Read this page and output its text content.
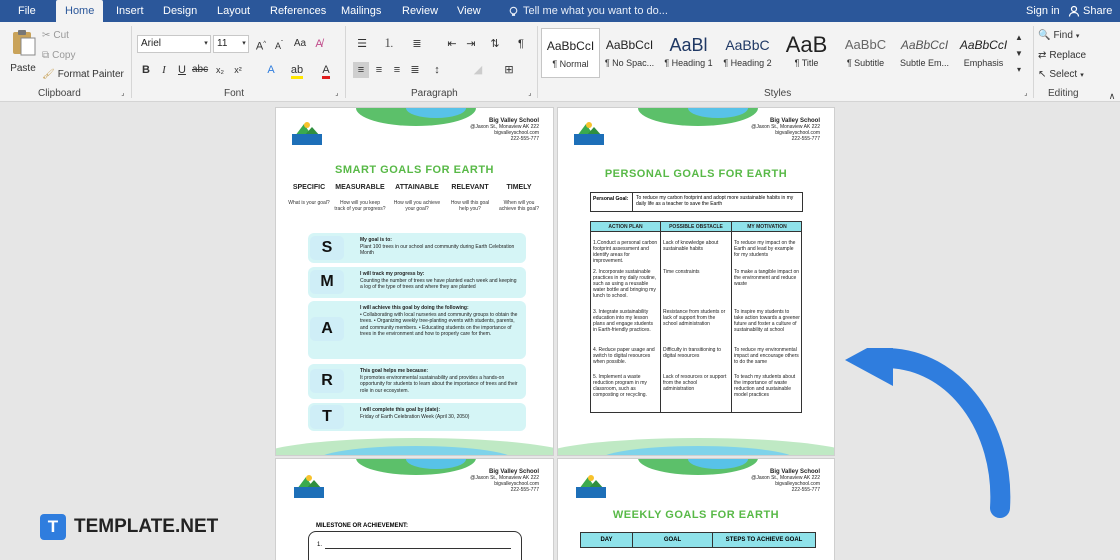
File	Home	Insert	Design	Layout	References	Mailings	Review	View	Tell me what you want to do...	Sign in Share
Paste
✂ Cut
⧉ Copy
🖌 Format Painter
Clipboard	⌟
Ariel	▾ 11	▾ A^ $A^ˇ$	Aa A̸
B	I	U abc x₂	x²	A	ab	A
Font	⌟
☰ ⒈	≣	⇤ ⇥	⇅	¶
≡	≡	≡ ≣	↕	◢	⊞
Paragraph	⌟
AaBbCcI
¶ Normal
AaBbCcI
¶ No Spac...
AaBl
¶ Heading 1
AaBbC
¶ Heading 2
AaB
¶ Title
AaBbC
¶ Subtitle
AaBbCcI
Subtle Em...
AaBbCcI
Emphasis
▲
▼
▾
Styles	⌟
🔍 Find ▾
⇄ Replace
↖ Select ▾
Editing	∧
Big Valley School
@Jaxon St., Monaview AK 222
bigvalleyschool.com
222-555-777
SMART GOALS FOR EARTH
SPECIFIC	MEASURABLE	ATTAINABLE	RELEVANT	TIMELY
What is your goal?	How will you keep track of your progress?
How will you achieve your goal?
How will this goal help you?
When will you achieve this goal?
My goal is to:
Plant 100 trees in our school and community during Earth Celebration Month
I will track my progress by:
Counting the number of trees we have planted each week and keeping a log of the type of trees and where they are planted
I will achieve this goal by doing the following:
• Collaborating with local nurseries and community groups to obtain the trees. • Organizing weekly tree-planting events with students, parents, and community members. • Educating students on the importance of trees in the environment and how to properly care for them.
This goal helps me because:
It promotes environmental sustainability and provides a hands-on opportunity for students to learn about the importance of trees and their role in our ecosystem.
I will complete this goal by (date):
Friday of Earth Celebration Week (April 30, 2050)
S
M
A
R
T
Big Valley School
@Jaxon St., Monaview AK 222
bigvalleyschool.com
222-555-777
PERSONAL GOALS FOR EARTH
Personal Goal:	To reduce my carbon footprint and adopt more sustainable habits in my daily life as a teacher to save the Earth
ACTION PLAN	POSSIBLE OBSTACLE	MY MOTIVATION
1.Conduct a personal carbon footprint assessment and identify areas for improvement.
Lack of knowledge about sustainable habits
To reduce my impact on the Earth and lead by example for my students
2. Incorporate sustainable practices in my daily routine, such as using a reusable water bottle and bringing my lunch to school.
Time constraints	To make a tangible impact on the environment and reduce waste
3. Integrate sustainability education into my lesson plans and engage students in Earth-friendly practices.
Resistance from students or lack of support from the school administration
To inspire my students to take action towards a greener future and foster a culture of sustainability at school
4. Reduce paper usage and switch to digital resources when possible.
Difficulty in transitioning to digital resources
To reduce my environmental impact and encourage others to do the same
5. Implement a waste reduction program in my classroom, such as composting or recycling.
Lack of resources or support from the school administration
To teach my students about the importance of waste reduction and sustainable model practices
Big Valley School
@Jaxon St., Monaview AK 222
bigvalleyschool.com
222-555-777
MILESTONE OR ACHIEVEMENT:
1.
Big Valley School
@Jaxon St., Monaview AK 222
bigvalleyschool.com
222-555-777
WEEKLY GOALS FOR EARTH
DAY	GOAL	STEPS TO ACHIEVE GOAL
T TEMPLATE.NET
